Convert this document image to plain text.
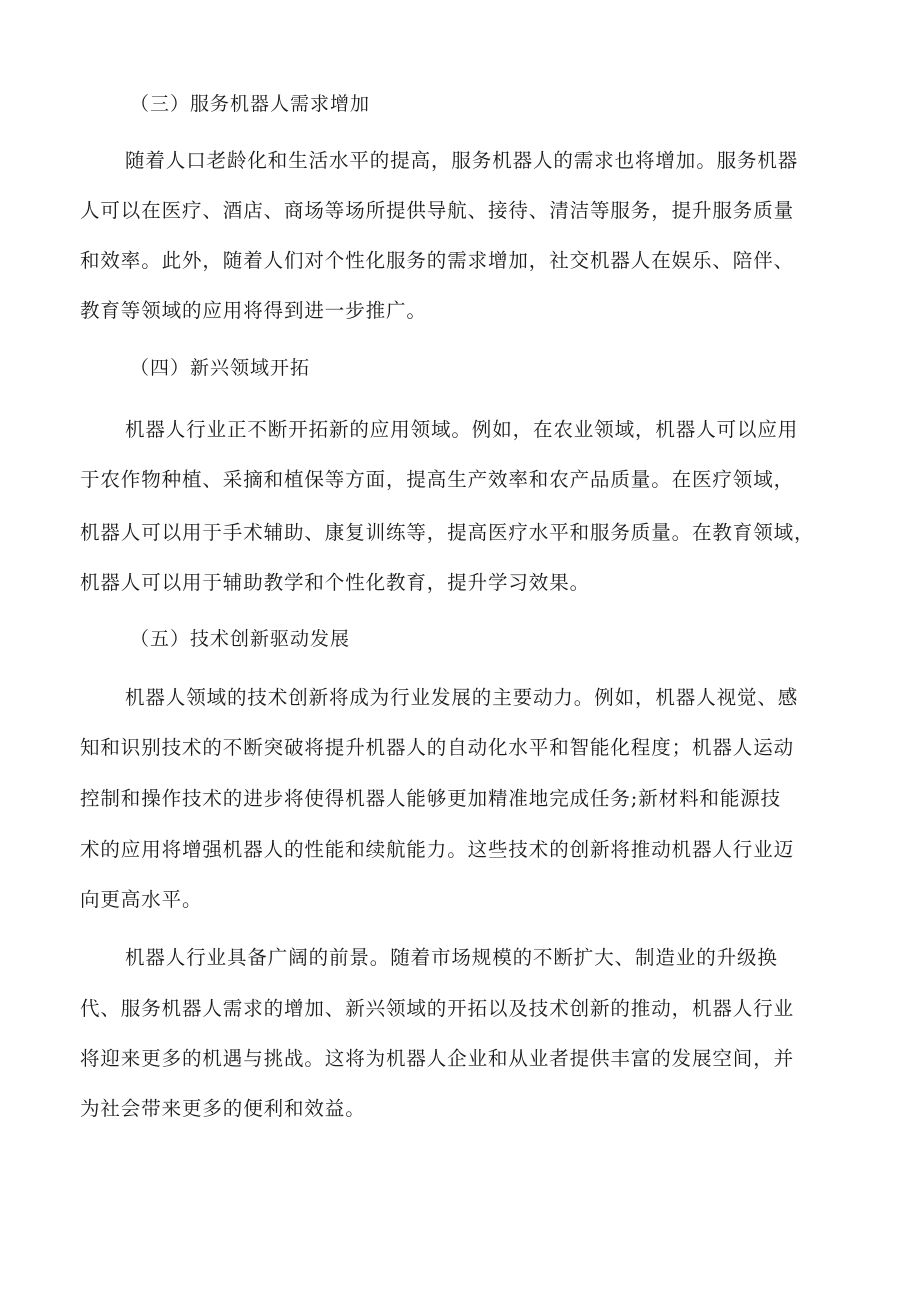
（三）服务机器人需求增加
随着人口老龄化和生活水平的提高，服务机器人的需求也将增加。服务机器
人可以在医疗、酒店、商场等场所提供导航、接待、清洁等服务，提升服务质量
和效率。此外，随着人们对个性化服务的需求增加，社交机器人在娱乐、陪伴、
教育等领域的应用将得到进一步推广。
（四）新兴领域开拓
机器人行业正不断开拓新的应用领域。例如，在农业领域，机器人可以应用
于农作物种植、采摘和植保等方面，提高生产效率和农产品质量。在医疗领域，
机器人可以用于手术辅助、康复训练等，提高医疗水平和服务质量。在教育领域，
机器人可以用于辅助教学和个性化教育，提升学习效果。
（五）技术创新驱动发展
机器人领域的技术创新将成为行业发展的主要动力。例如，机器人视觉、感
知和识别技术的不断突破将提升机器人的自动化水平和智能化程度；机器人运动
控制和操作技术的进步将使得机器人能够更加精准地完成任务;新材料和能源技
术的应用将增强机器人的性能和续航能力。这些技术的创新将推动机器人行业迈
向更高水平。
机器人行业具备广阔的前景。随着市场规模的不断扩大、制造业的升级换
代、服务机器人需求的增加、新兴领域的开拓以及技术创新的推动，机器人行业
将迎来更多的机遇与挑战。这将为机器人企业和从业者提供丰富的发展空间，并
为社会带来更多的便利和效益。
